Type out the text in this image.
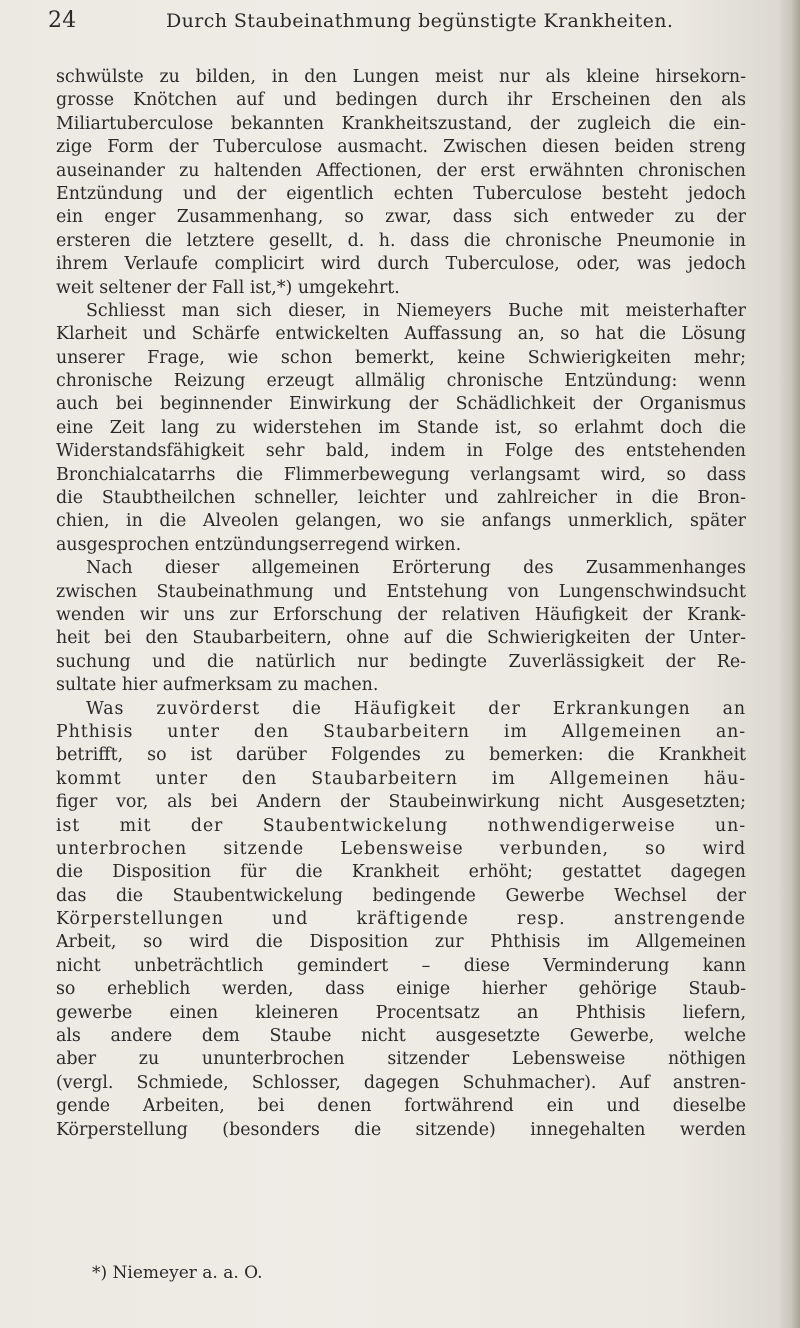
24	Durch Staubeinathmung begünstigte Krankheiten.
schwülste zu bilden, in den Lungen meist nur als kleine hirsekorn-
grosse Knötchen auf und bedingen durch ihr Erscheinen den als
Miliartuberculose bekannten Krankheitszustand, der zugleich die ein-
zige Form der Tuberculose ausmacht. Zwischen diesen beiden streng
auseinander zu haltenden Affectionen, der erst erwähnten chronischen
Entzündung und der eigentlich echten Tuberculose besteht jedoch
ein enger Zusammenhang, so zwar, dass sich entweder zu der
ersteren die letztere gesellt, d. h. dass die chronische Pneumonie in
ihrem Verlaufe complicirt wird durch Tuberculose, oder, was jedoch
weit seltener der Fall ist,*) umgekehrt.
Schliesst man sich dieser, in Niemeyers Buche mit meisterhafter
Klarheit und Schärfe entwickelten Auffassung an, so hat die Lösung
unserer Frage, wie schon bemerkt, keine Schwierigkeiten mehr;
chronische Reizung erzeugt allmälig chronische Entzündung: wenn
auch bei beginnender Einwirkung der Schädlichkeit der Organismus
eine Zeit lang zu widerstehen im Stande ist, so erlahmt doch die
Widerstandsfähigkeit sehr bald, indem in Folge des entstehenden
Bronchialcatarrhs die Flimmerbewegung verlangsamt wird, so dass
die Staubtheilchen schneller, leichter und zahlreicher in die Bron-
chien, in die Alveolen gelangen, wo sie anfangs unmerklich, später
ausgesprochen entzündungserregend wirken.
Nach dieser allgemeinen Erörterung des Zusammenhanges
zwischen Staubeinathmung und Entstehung von Lungenschwindsucht
wenden wir uns zur Erforschung der relativen Häufigkeit der Krank-
heit bei den Staubarbeitern, ohne auf die Schwierigkeiten der Unter-
suchung und die natürlich nur bedingte Zuverlässigkeit der Re-
sultate hier aufmerksam zu machen.
Was zuvörderst die Häufigkeit der Erkrankungen an
Phthisis unter den Staubarbeitern im Allgemeinen an-
betrifft, so ist darüber Folgendes zu bemerken: die Krankheit
kommt unter den Staubarbeitern im Allgemeinen häu-
figer vor, als bei Andern der Staubeinwirkung nicht Ausgesetzten;
ist mit der Staubentwickelung nothwendigerweise un-
unterbrochen sitzende Lebensweise verbunden, so wird
die Disposition für die Krankheit erhöht; gestattet dagegen
das die Staubentwickelung bedingende Gewerbe Wechsel der
Körperstellungen und kräftigende resp. anstrengende
Arbeit, so wird die Disposition zur Phthisis im Allgemeinen
nicht unbeträchtlich gemindert – diese Verminderung kann
so erheblich werden, dass einige hierher gehörige Staub-
gewerbe einen kleineren Procentsatz an Phthisis liefern,
als andere dem Staube nicht ausgesetzte Gewerbe, welche
aber zu ununterbrochen sitzender Lebensweise nöthigen
(vergl. Schmiede, Schlosser, dagegen Schuhmacher). Auf anstren-
gende Arbeiten, bei denen fortwährend ein und dieselbe
Körperstellung (besonders die sitzende) innegehalten werden
*) Niemeyer a. a. O.
